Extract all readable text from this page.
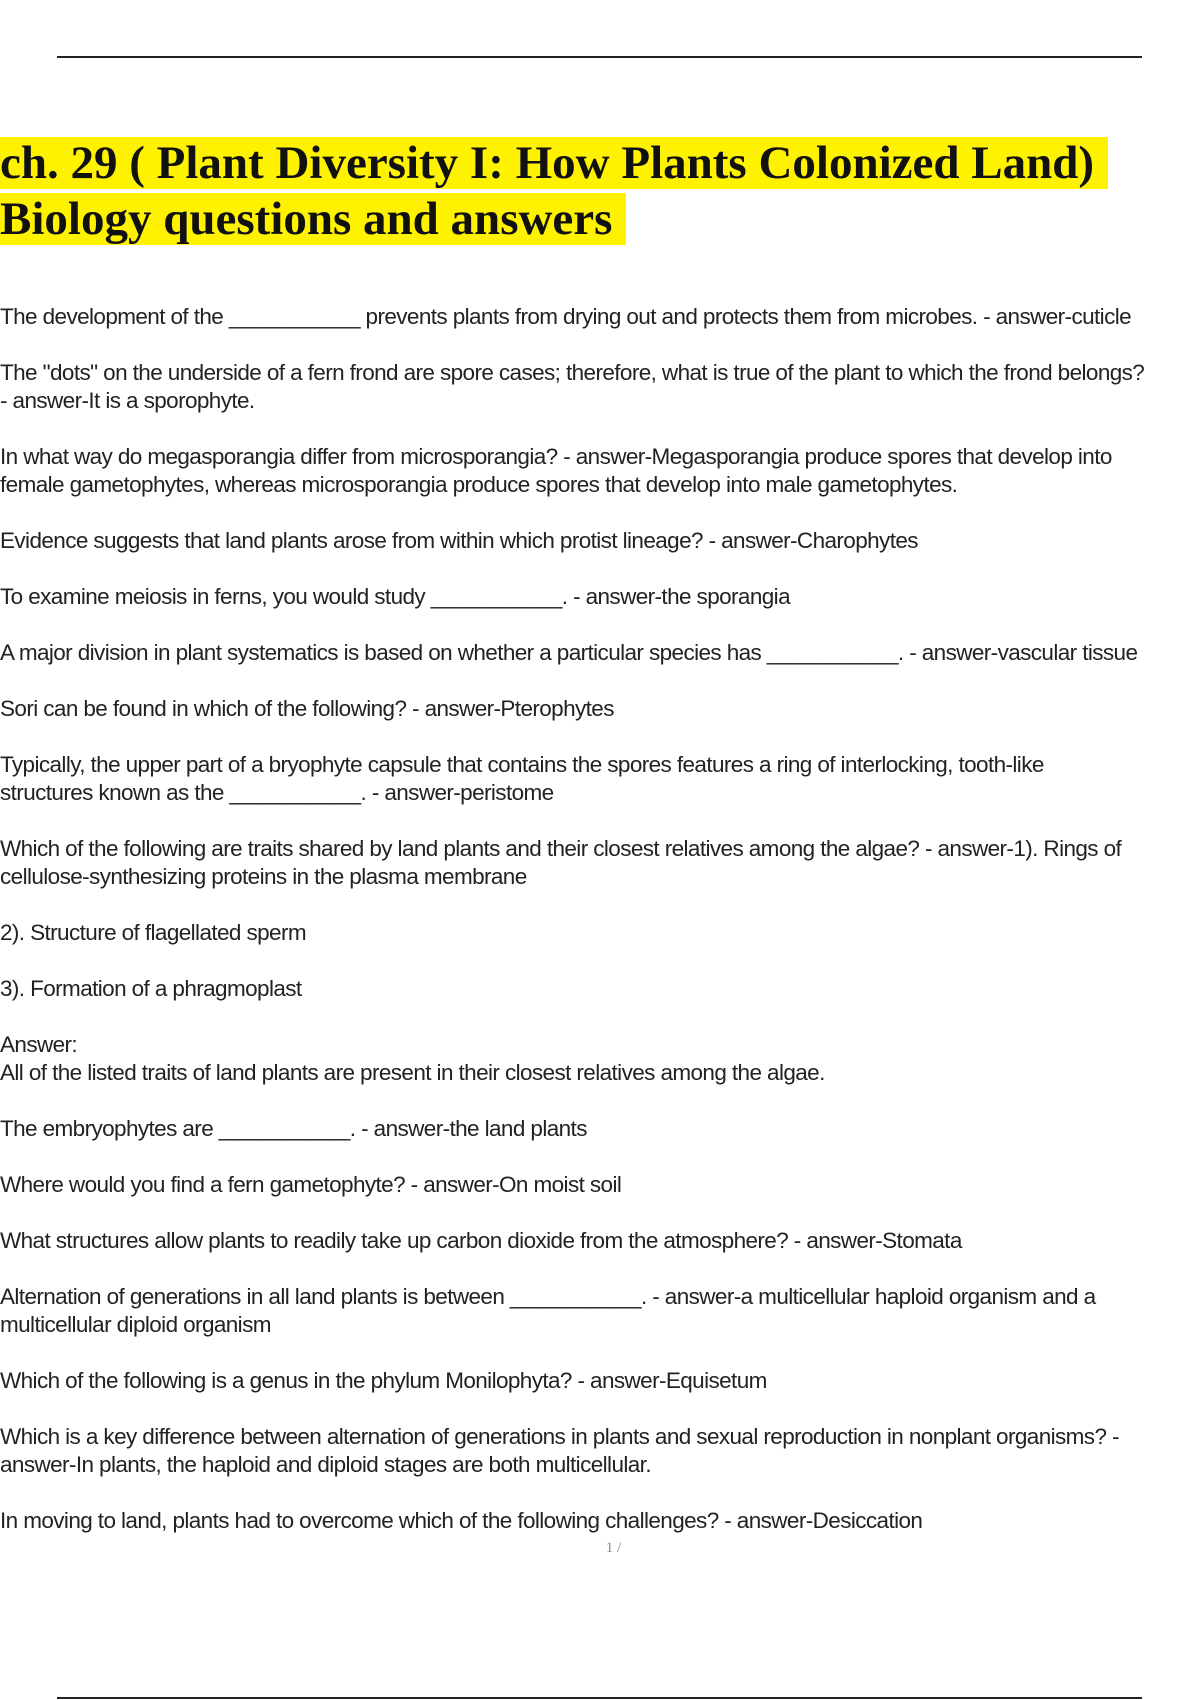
ch. 29 ( Plant Diversity I: How Plants Colonized Land)
Biology questions and answers

The development of the ___________ prevents plants from drying out and protects them from microbes. - answer-cuticle

The "dots" on the underside of a fern frond are spore cases; therefore, what is true of the plant to which the frond belongs?
- answer-It is a sporophyte.

In what way do megasporangia differ from microsporangia? - answer-Megasporangia produce spores that develop into
female gametophytes, whereas microsporangia produce spores that develop into male gametophytes.

Evidence suggests that land plants arose from within which protist lineage? - answer-Charophytes

To examine meiosis in ferns, you would study ___________. - answer-the sporangia

A major division in plant systematics is based on whether a particular species has ___________. - answer-vascular tissue

Sori can be found in which of the following? - answer-Pterophytes

Typically, the upper part of a bryophyte capsule that contains the spores features a ring of interlocking, tooth-like
structures known as the ___________. - answer-peristome

Which of the following are traits shared by land plants and their closest relatives among the algae? - answer-1). Rings of
cellulose-synthesizing proteins in the plasma membrane

2). Structure of flagellated sperm

3). Formation of a phragmoplast

Answer:
All of the listed traits of land plants are present in their closest relatives among the algae.

The embryophytes are ___________. - answer-the land plants

Where would you find a fern gametophyte? - answer-On moist soil

What structures allow plants to readily take up carbon dioxide from the atmosphere? - answer-Stomata

Alternation of generations in all land plants is between ___________. - answer-a multicellular haploid organism and a
multicellular diploid organism

Which of the following is a genus in the phylum Monilophyta? - answer-Equisetum

Which is a key difference between alternation of generations in plants and sexual reproduction in nonplant organisms? -
answer-In plants, the haploid and diploid stages are both multicellular.

In moving to land, plants had to overcome which of the following challenges? - answer-Desiccation

1 /
